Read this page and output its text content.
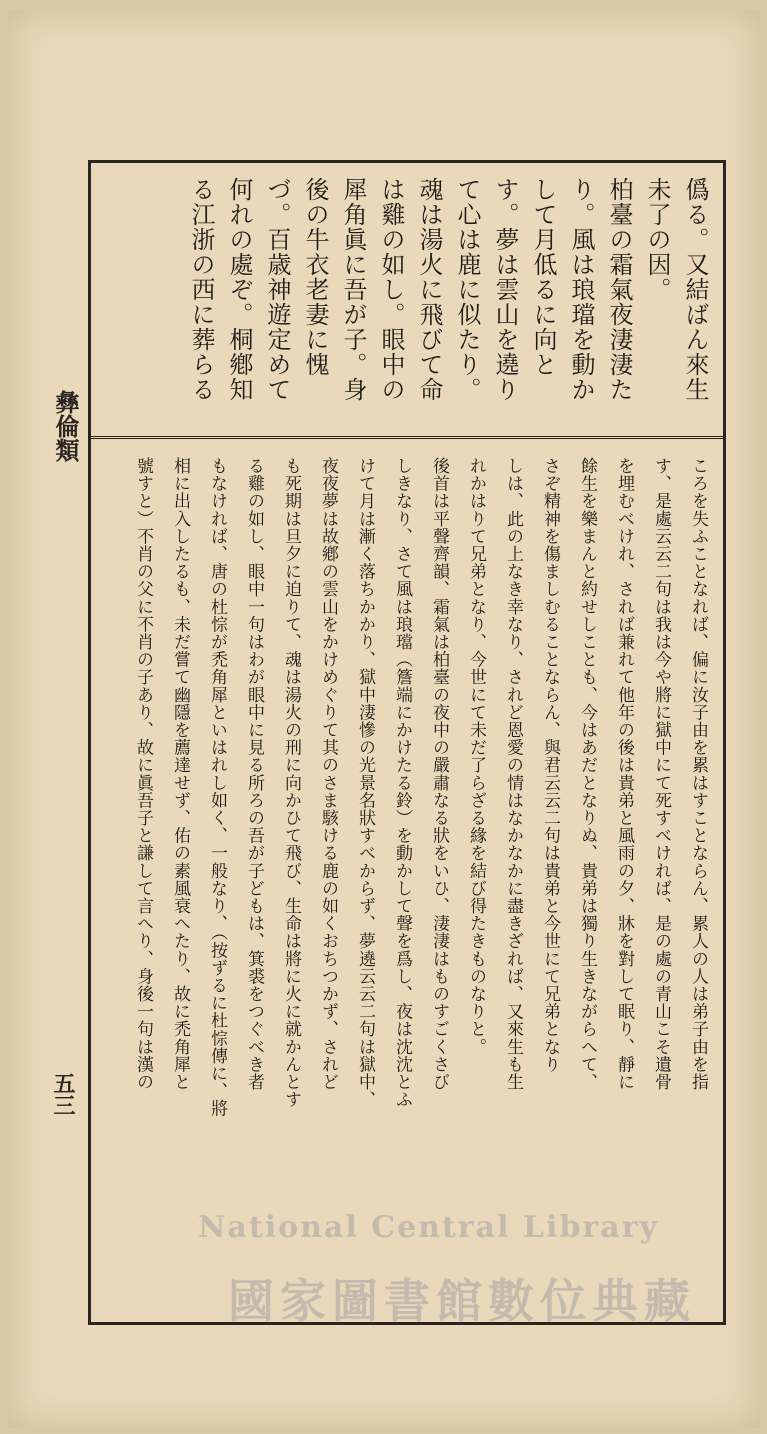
彝倫類
五三
僞る。又結ばん來生
未了の因。
柏臺の霜氣夜淒淒た
り。風は琅璫を動か
して月低るに向と
す。夢は雲山を遶り
て心は鹿に似たり。
魂は湯火に飛びて命
は雞の如し。眼中の
犀角眞に吾が子。身
後の牛衣老妻に愧
づ。百歳神遊定めて
何れの處ぞ。桐鄕知
る江浙の西に葬らる
ころを失ふことなれば、偏に汝子由を累はすことならん、累人の人は弟子由を指
す、是處云云二句は我は今や將に獄中にて死すべければ、是の處の青山こそ遺骨
を埋むべけれ、されば兼れて他年の後は貴弟と風雨の夕、牀を對して眠り、靜に
餘生を樂まんと約せしことも、今はあだとなりぬ、貴弟は獨り生きながらへて、
さぞ精神を傷ましむることならん、與君云云二句は貴弟と今世にて兄弟となり
しは、此の上なき幸なり、されど恩愛の情はなかなかに盡きざれば、又來生も生
れかはりて兄弟となり、今世にて未だ了らざる緣を結び得たきものなりと。
後首は平聲齊韻、霜氣は柏臺の夜中の嚴肅なる狀をいひ、淒淒はものすごくさび
しきなり、さて風は琅璫（簷端にかけたる鈴）を動かして聲を爲し、夜は沈沈とふ
けて月は漸く落ちかかり、獄中淒慘の光景名狀すべからず、夢遶云云二句は獄中、
夜夜夢は故鄕の雲山をかけめぐりて其のさま駭ける鹿の如くおちつかず、されど
も死期は旦夕に迫りて、魂は湯火の刑に向かひて飛び、生命は將に火に就かんとす
る雞の如し、眼中一句はわが眼中に見る所ろの吾が子どもは、箕裘をつぐべき者
もなければ、唐の杜悰が禿角犀といはれし如く、一般なり、（按ずるに杜悰傳に、將
相に出入したるも、未だ嘗て幽隱を薦達せず、佑の素風衰へたり、故に禿角犀と
號すと）不肖の父に不肖の子あり、故に眞吾子と謙して言へり、身後一句は漢の
National Central Library
國家圖書館數位典藏
